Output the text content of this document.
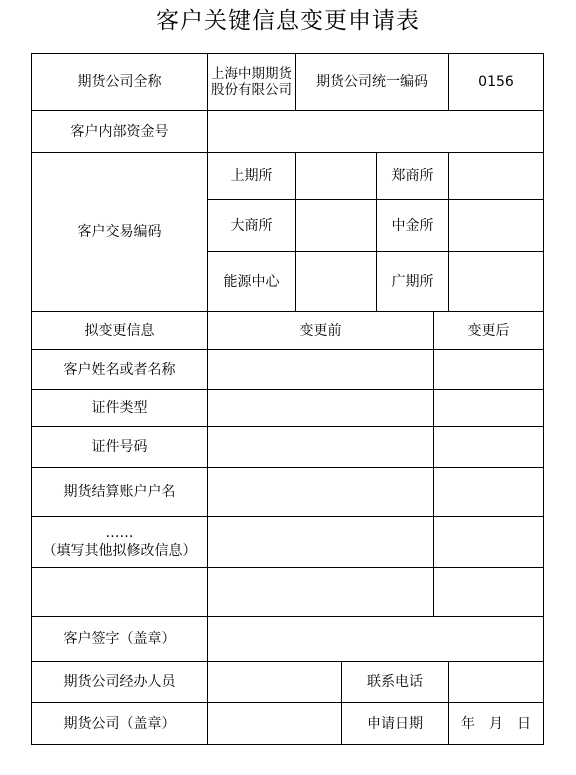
客户关键信息变更申请表
期货公司全称	上海中期期货股份有限公司	期货公司统一编码				0156
客户内部资金号						
客户交易编码	上期所			郑商所		
	大商所			中金所		
	能源中心			广期所		
拟变更信息	变更前				变更后	
客户姓名或者名称						
证件类型						
证件号码						
期货结算账户户名						

……
（填写其他拟修改信息）						

客户签字（盖章）						
期货公司经办人员			联系电话			
期货公司（盖章）			申请日期			年　月　日
